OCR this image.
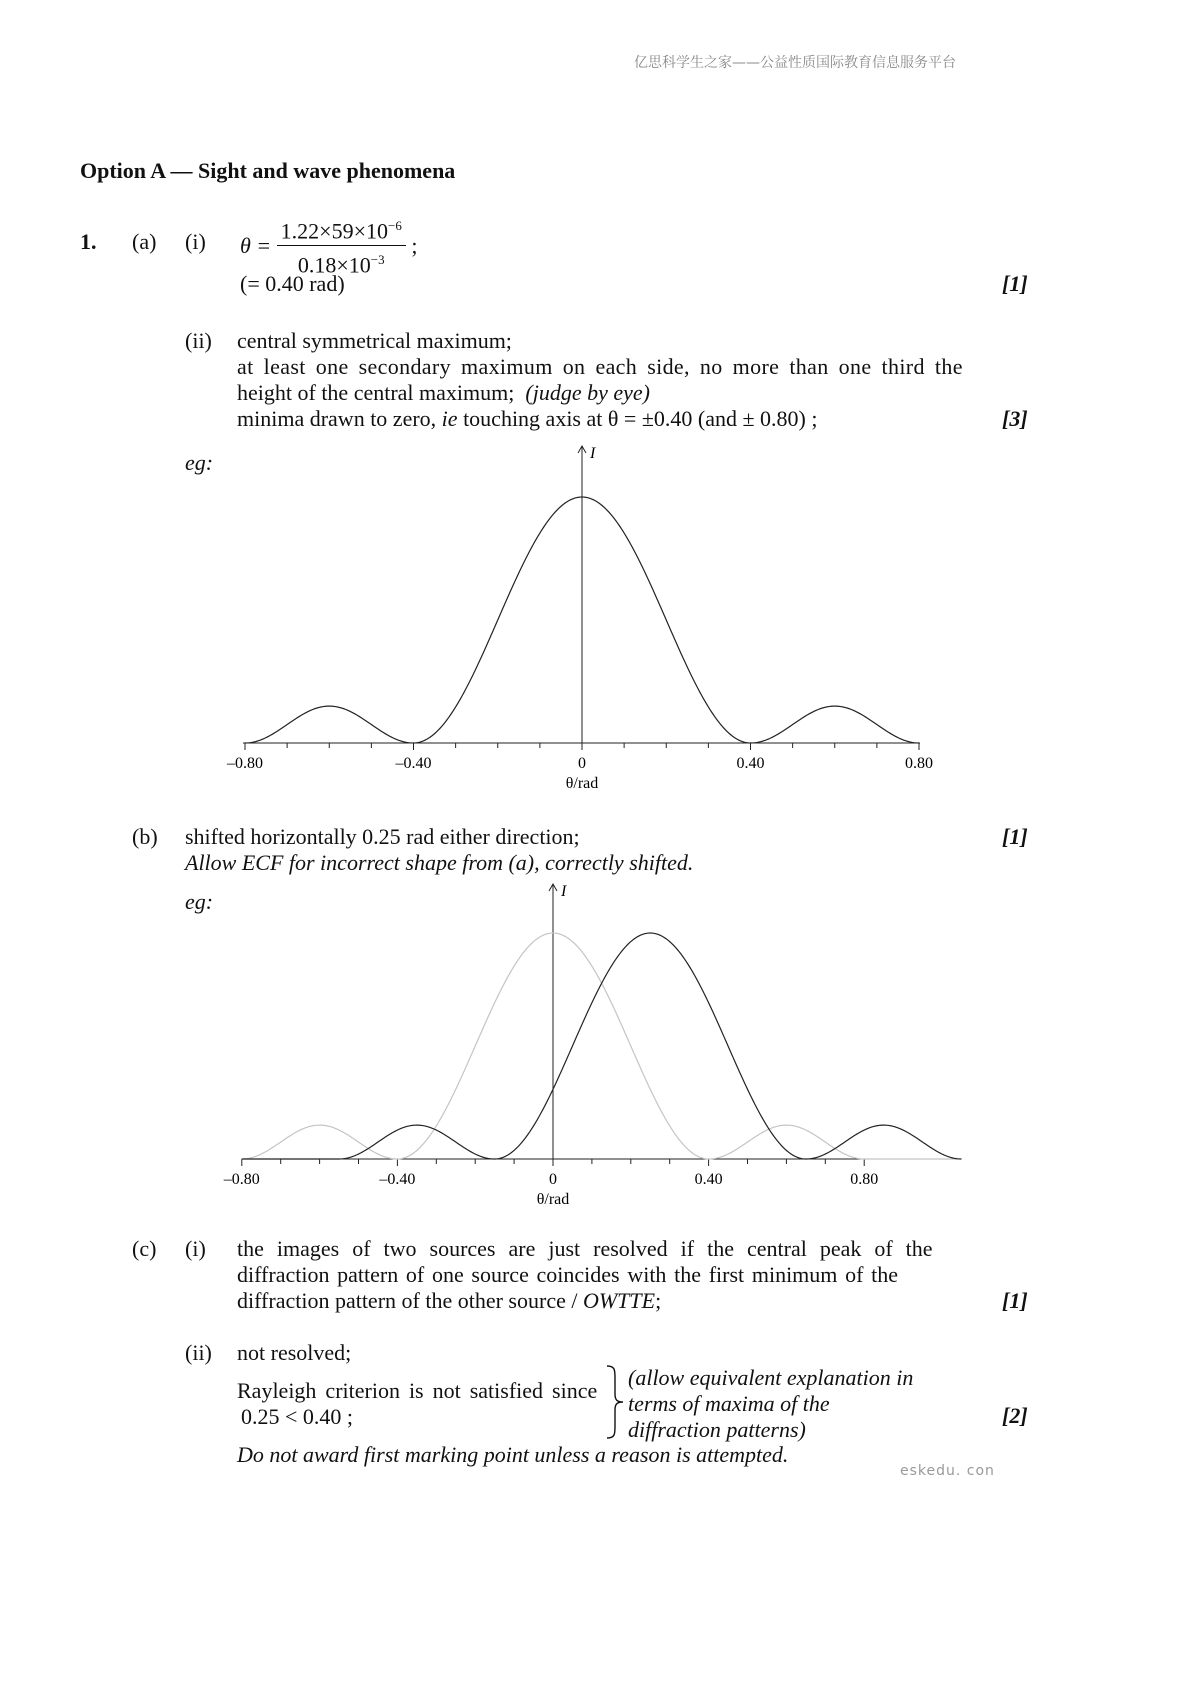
亿思科学生之家——公益性质国际教育信息服务平台
eskedu. con
Option A — Sight and wave phenomena
1. (a) (i) $\theta = \frac{1.22\times 59\times 10^{-6}}{0.18\times 10^{-3}}$ ;
(= 0.40 rad)	[1]
(ii) central symmetrical maximum;
at least one secondary maximum on each side, no more than one third the
height of the central maximum; (judge by eye)
minima drawn to zero, ie touching axis at θ = ±0.40 (and ± 0.80) ;	[3]
eg:	I
–0.80	–0.40	0	0.40	0.80
θ/rad
(b) shifted horizontally 0.25 rad either direction;
Allow ECF for incorrect shape from (a), correctly shifted.
[1]
eg:	I
–0.80	–0.40	0	0.40	0.80
θ/rad
(c) (i) the images of two sources are just resolved if the central peak of the
diffraction pattern of one source coincides with the first minimum of the
diffraction pattern of the other source / OWTTE;	[1]
(ii) not resolved;
Rayleigh criterion is not satisfied since
0.25 < 0.40 ;
(allow equivalent explanation in
terms of maxima of the
diffraction patterns)
[2]
Do not award first marking point unless a reason is attempted.
